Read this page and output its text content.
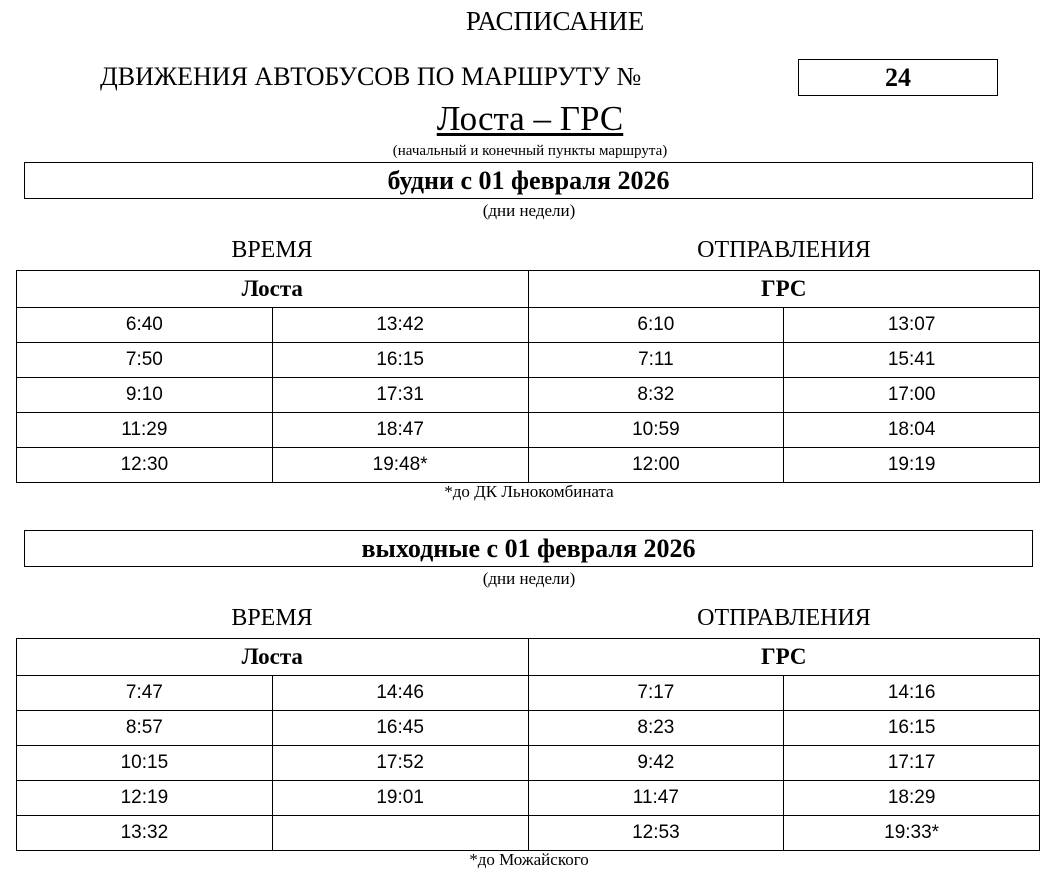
РАСПИСАНИЕ
ДВИЖЕНИЯ АВТОБУСОВ ПО МАРШРУТУ №	24
Лоста – ГРС
(начальный и конечный пункты маршрута)
будни с 01 февраля 2026
(дни недели)
ВРЕМЯ	ОТПРАВЛЕНИЯ
Лоста		ГРС	
6:40	13:42	6:10	13:07
7:50	16:15	7:11	15:41
9:10	17:31	8:32	17:00
11:29	18:47	10:59	18:04
12:30	19:48*	12:00	19:19
*до ДК Льнокомбината
выходные с 01 февраля 2026
(дни недели)
ВРЕМЯ	ОТПРАВЛЕНИЯ
Лоста		ГРС	
7:47	14:46	7:17	14:16
8:57	16:45	8:23	16:15
10:15	17:52	9:42	17:17
12:19	19:01	11:47	18:29
13:32		12:53	19:33*
*до Можайского
